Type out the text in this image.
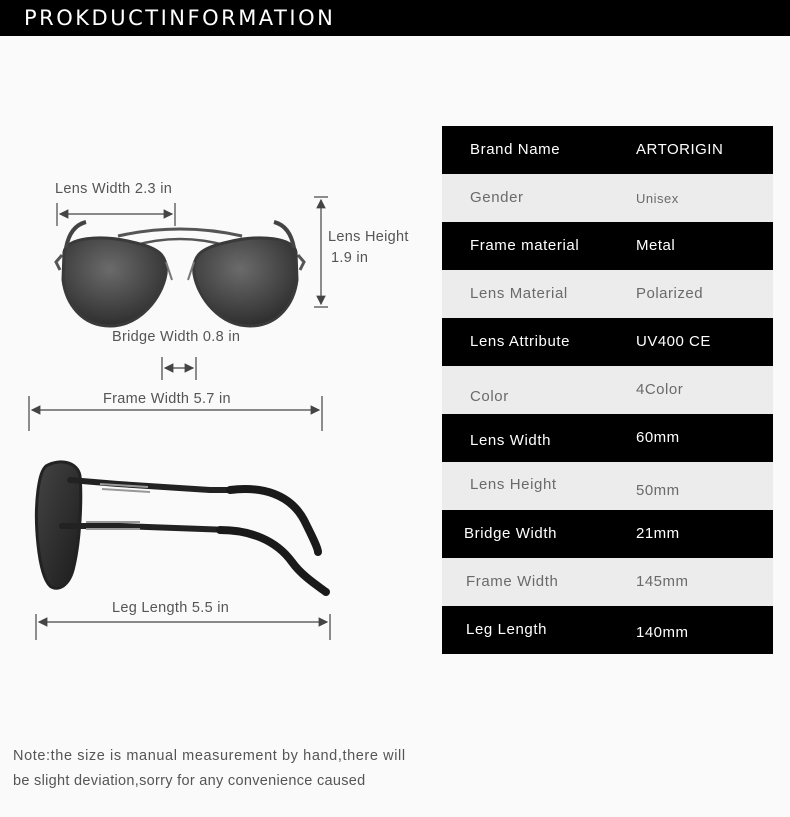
PROKDUCTINFORMATION
Lens Width 2.3 in
Lens Height
1.9 in
Bridge Width 0.8 in
Frame Width 5.7 in
Leg Length 5.5 in
Brand Name	ARTORIGIN
Gender	Unisex
Frame material	Metal
Lens Material	Polarized
Lens Attribute	UV400 CE
Color	4Color
Lens Width	60mm
Lens Height	50mm
Bridge Width	21mm
Frame Width	145mm
Leg Length	140mm
Note:the size is manual measurement by hand,there will
be slight deviation,sorry for any convenience caused
